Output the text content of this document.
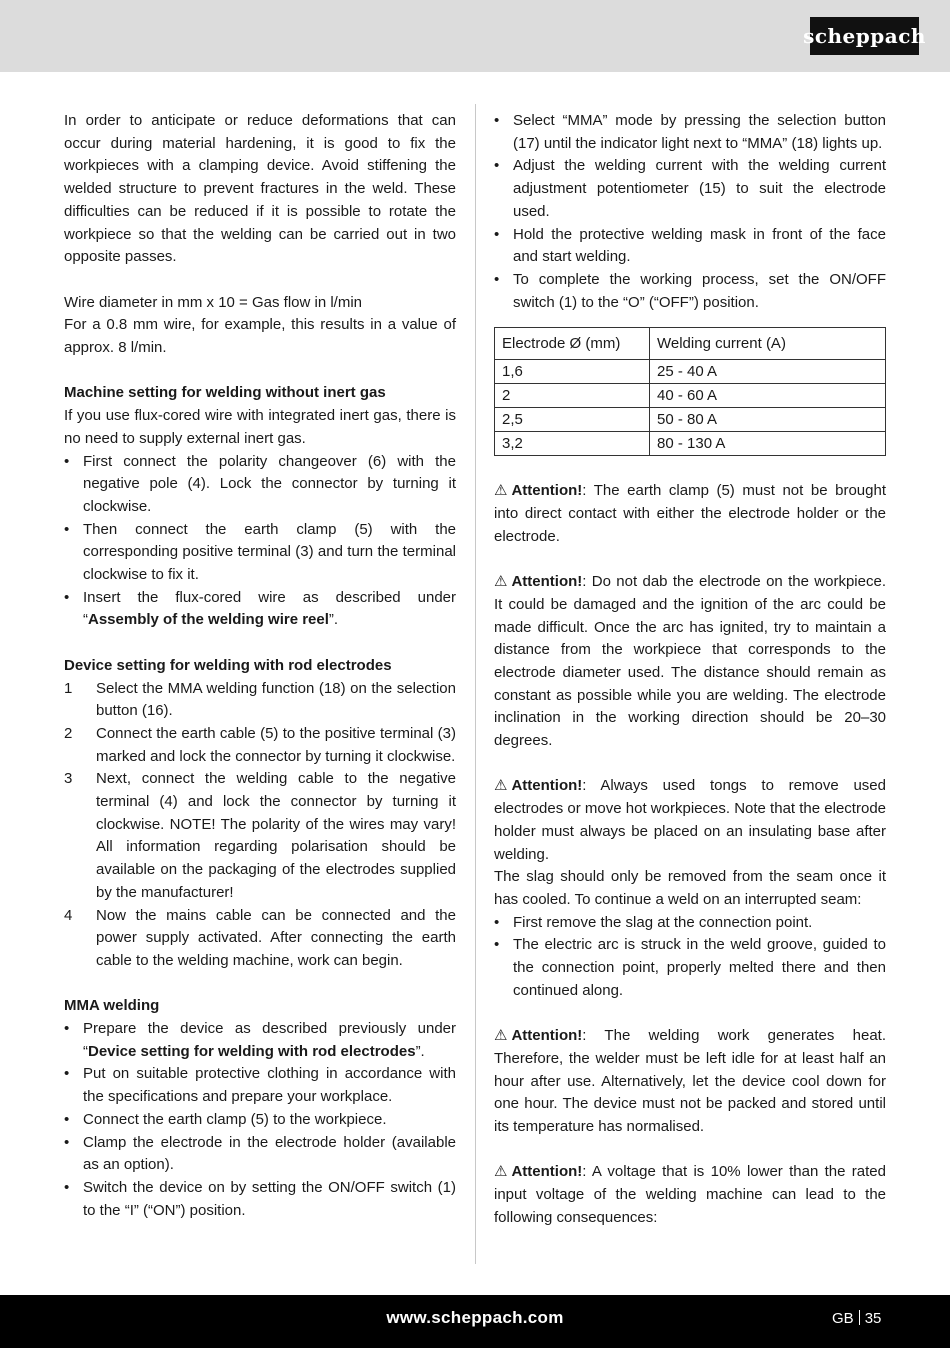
scheppach

In order to anticipate or reduce deformations that can occur during material hardening, it is good to fix the workpieces with a clamping device. Avoid stiffening the welded structure to prevent fractures in the weld. These difficulties can be reduced if it is possible to rotate the workpiece so that the welding can be carried out in two opposite passes.

Wire diameter in mm x 10 = Gas flow in l/min

For a 0.8 mm wire, for example, this results in a value of approx. 8 l/min.

Machine setting for welding without inert gas

If you use flux-cored wire with integrated inert gas, there is no need to supply external inert gas.

• First connect the polarity changeover (6) with the negative pole (4). Lock the connector by turning it clockwise.
• Then connect the earth clamp (5) with the corresponding positive terminal (3) and turn the terminal clockwise to fix it.
• Insert the flux-cored wire as described under “Assembly of the welding wire reel”.

Device setting for welding with rod electrodes

1 Select the MMA welding function (18) on the selection button (16).
2 Connect the earth cable (5) to the positive terminal (3) marked and lock the connector by turning it clockwise.
3 Next, connect the welding cable to the negative terminal (4) and lock the connector by turning it clockwise. NOTE! The polarity of the wires may vary! All information regarding polarisation should be available on the packaging of the electrodes supplied by the manufacturer!
4 Now the mains cable can be connected and the power supply activated. After connecting the earth cable to the welding machine, work can begin.

MMA welding

• Prepare the device as described previously under “Device setting for welding with rod electrodes”.
• Put on suitable protective clothing in accordance with the specifications and prepare your workplace.
• Connect the earth clamp (5) to the workpiece.
• Clamp the electrode in the electrode holder (available as an option).
• Switch the device on by setting the ON/OFF switch (1) to the “I” (“ON”) position.
• Select “MMA” mode by pressing the selection button (17) until the indicator light next to “MMA” (18) lights up.
• Adjust the welding current with the welding current adjustment potentiometer (15) to suit the electrode used.
• Hold the protective welding mask in front of the face and start welding.
• To complete the working process, set the ON/OFF switch (1) to the “O” (“OFF”) position.
Electrode Ø (mm)	Welding current (A)
1,6	25 - 40 A
2	40 - 60 A
2,5	50 - 80 A
3,2	80 - 130 A

⚠ Attention!: The earth clamp (5) must not be brought into direct contact with either the electrode holder or the electrode.

⚠ Attention!: Do not dab the electrode on the workpiece. It could be damaged and the ignition of the arc could be made difficult. Once the arc has ignited, try to maintain a distance from the workpiece that corresponds to the electrode diameter used. The distance should remain as constant as possible while you are welding. The electrode inclination in the working direction should be 20–30 degrees.

⚠ Attention!: Always used tongs to remove used electrodes or move hot workpieces. Note that the electrode holder must always be placed on an insulating base after welding.

The slag should only be removed from the seam once it has cooled. To continue a weld on an interrupted seam:

• First remove the slag at the connection point.
• The electric arc is struck in the weld groove, guided to the connection point, properly melted there and then continued along.

⚠ Attention!: The welding work generates heat. Therefore, the welder must be left idle for at least half an hour after use. Alternatively, let the device cool down for one hour. The device must not be packed and stored until its temperature has normalised.

⚠ Attention!: A voltage that is 10% lower than the rated input voltage of the welding machine can lead to the following consequences:

www.scheppach.com	GB 35
